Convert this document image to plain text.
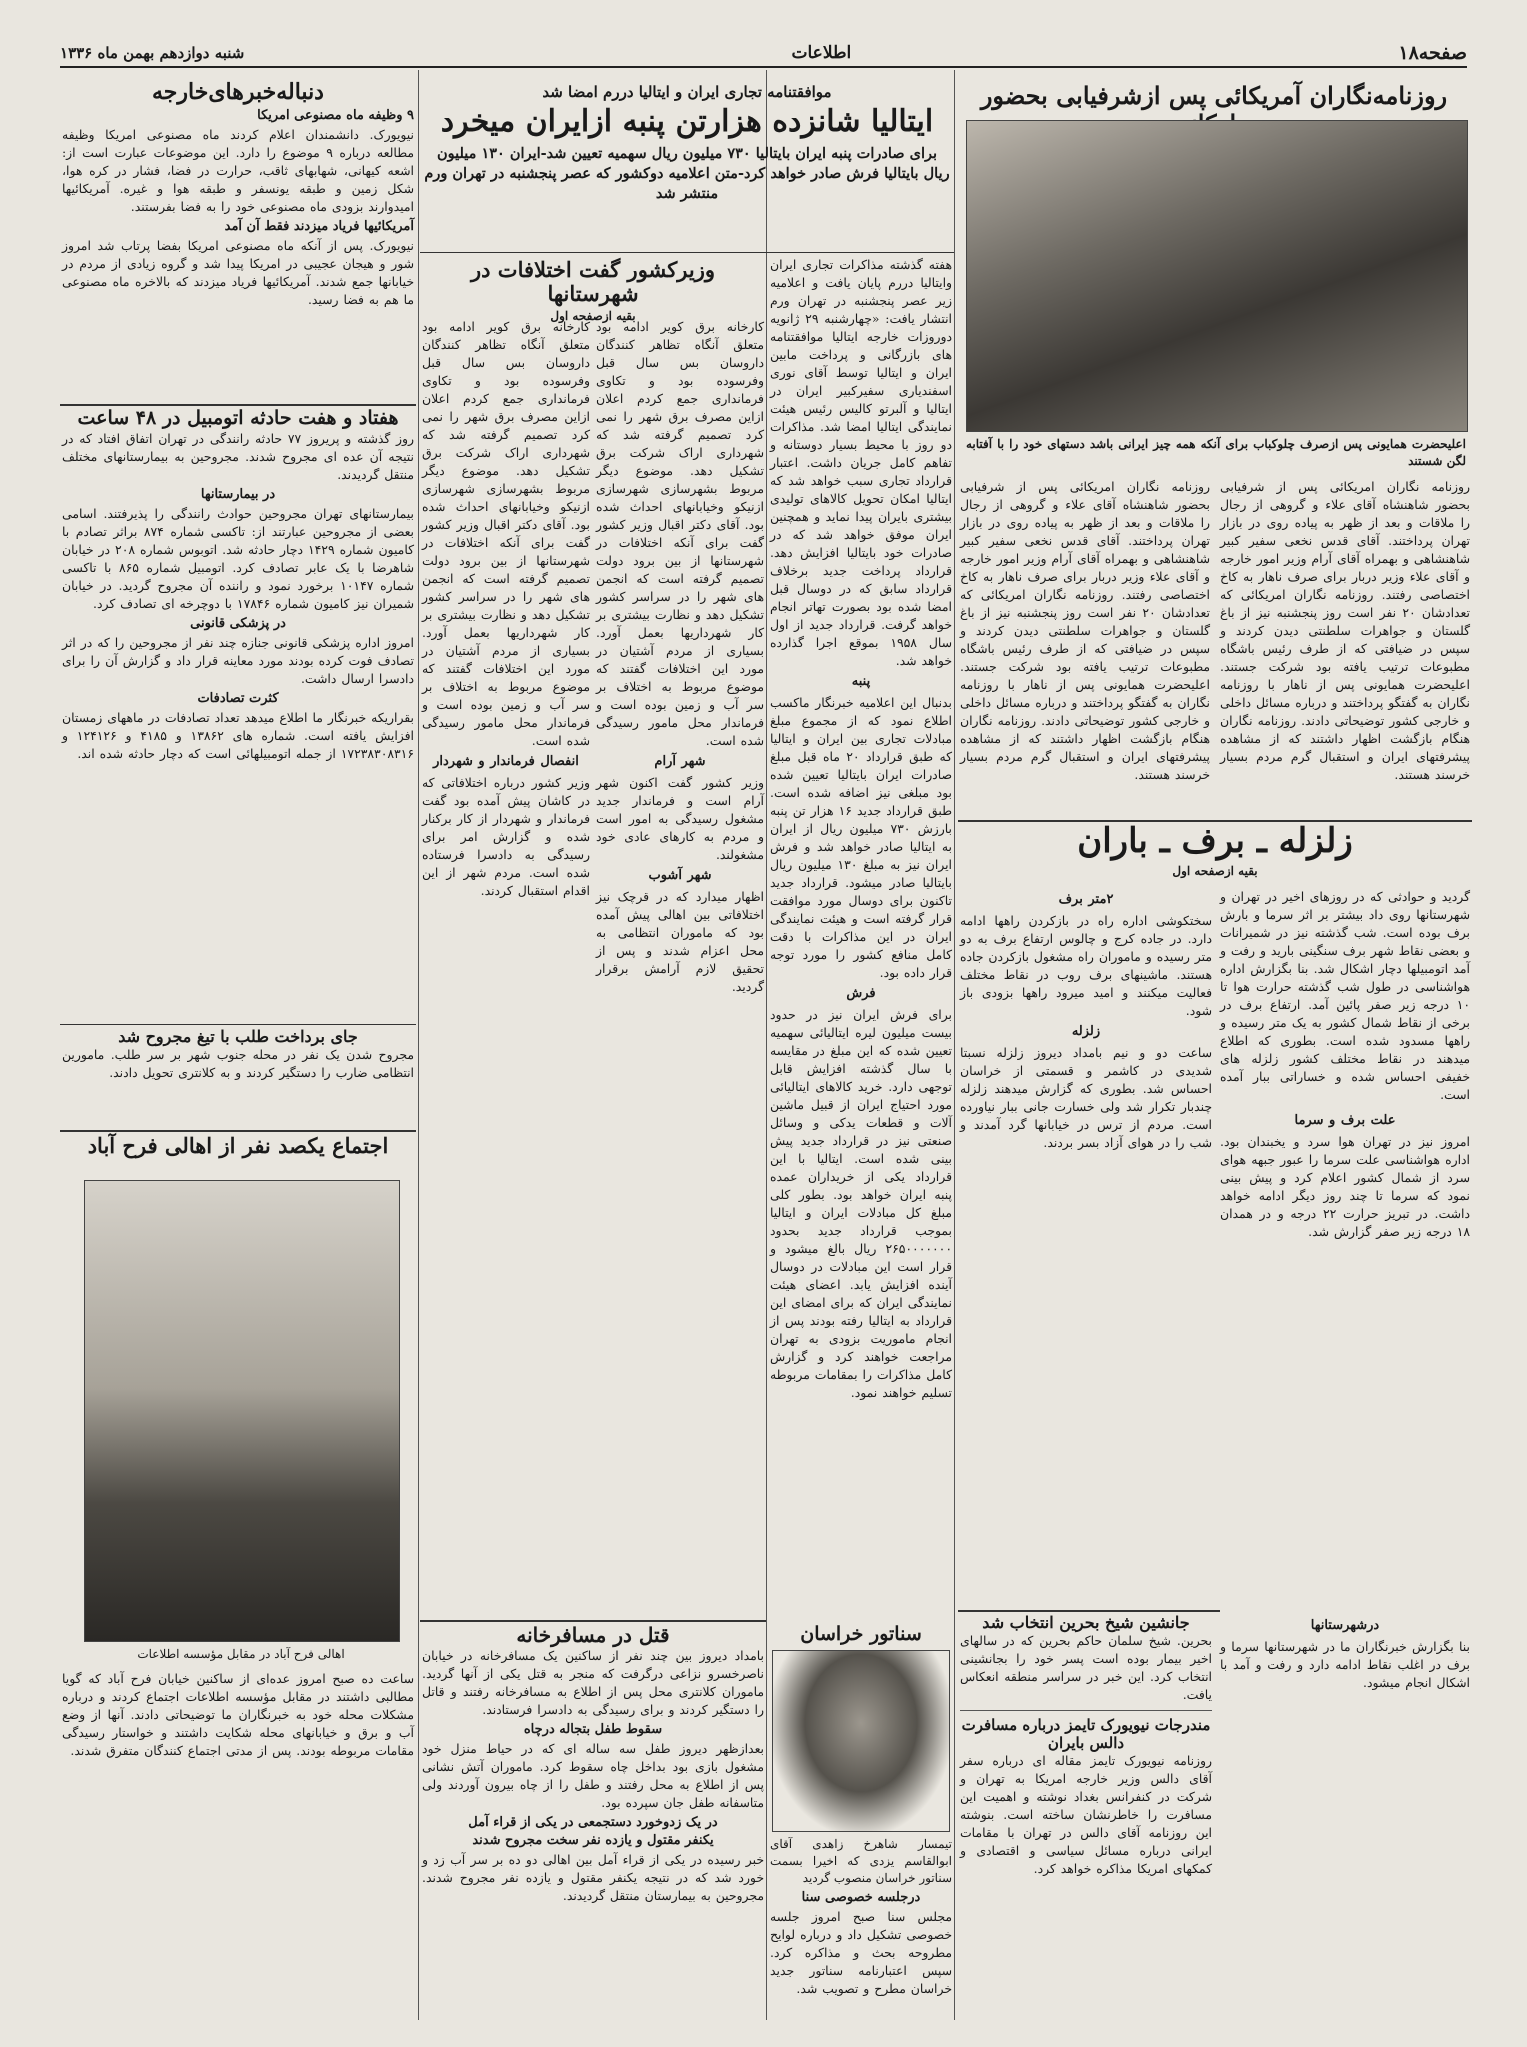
صفحه۱۸
اطلاعات
شنبه دوازدهم بهمن ماه ۱۳۳۶
روزنامه‌نگاران آمریکائی پس ازشرفیابی بحضور
اعلیحضرت همایونی پس ازصرف چلوکباب برای آنکه همه چیز ایرانی باشد دستهای خود را با آفتابه لگن شستند
روزنامه نگاران امریکائی پس از شرفیابی بحضور شاهنشاه آقای علاء و گروهی از رجال را ملاقات و بعد از ظهر به پیاده روی در بازار تهران پرداختند. آقای قدس نخعی سفیر کبیر شاهنشاهی و بهمراه آقای آرام وزیر امور خارجه و آقای علاء وزیر دربار برای صرف ناهار به کاخ اختصاصی رفتند. روزنامه نگاران امریکائی که تعدادشان ۲۰ نفر است روز پنجشنبه نیز از باغ گلستان و جواهرات سلطنتی دیدن کردند و سپس در ضیافتی که از طرف رئیس باشگاه مطبوعات ترتیب یافته بود شرکت جستند. اعلیحضرت همایونی پس از ناهار با روزنامه نگاران به گفتگو پرداختند و درباره مسائل داخلی و خارجی کشور توضیحاتی دادند. روزنامه نگاران هنگام بازگشت اظهار داشتند که از مشاهده پیشرفتهای ایران و استقبال گرم مردم بسیار خرسند هستند.
روزنامه نگاران امریکائی پس از شرفیابی بحضور شاهنشاه آقای علاء و گروهی از رجال را ملاقات و بعد از ظهر به پیاده روی در بازار تهران پرداختند. آقای قدس نخعی سفیر کبیر شاهنشاهی و بهمراه آقای آرام وزیر امور خارجه و آقای علاء وزیر دربار برای صرف ناهار به کاخ اختصاصی رفتند. روزنامه نگاران امریکائی که تعدادشان ۲۰ نفر است روز پنجشنبه نیز از باغ گلستان و جواهرات سلطنتی دیدن کردند و سپس در ضیافتی که از طرف رئیس باشگاه مطبوعات ترتیب یافته بود شرکت جستند. اعلیحضرت همایونی پس از ناهار با روزنامه نگاران به گفتگو پرداختند و درباره مسائل داخلی و خارجی کشور توضیحاتی دادند. روزنامه نگاران هنگام بازگشت اظهار داشتند که از مشاهده پیشرفتهای ایران و استقبال گرم مردم بسیار خرسند هستند.
زلزله ـ برف ـ باران
بقیه ازصفحه اول
گردید و حوادثی که در روزهای اخیر در تهران و شهرستانها روی داد بیشتر بر اثر سرما و بارش برف بوده است. شب گذشته نیز در شمیرانات و بعضی نقاط شهر برف سنگینی بارید و رفت و آمد اتومبیلها دچار اشکال شد. بنا بگزارش اداره هواشناسی در طول شب گذشته حرارت هوا تا ۱۰ درجه زیر صفر پائین آمد. ارتفاع برف در برخی از نقاط شمال کشور به یک متر رسیده و راهها مسدود شده است. بطوری که اطلاع میدهند در نقاط مختلف کشور زلزله های خفیفی احساس شده و خساراتی ببار آمده است.
علت برف و سرما
امروز نیز در تهران هوا سرد و یخبندان بود. اداره هواشناسی علت سرما را عبور جبهه هوای سرد از شمال کشور اعلام کرد و پیش بینی نمود که سرما تا چند روز دیگر ادامه خواهد داشت. در تبریز حرارت ۲۲ درجه و در همدان ۱۸ درجه زیر صفر گزارش شد.
۲متر برف
سختکوشی اداره راه در بازکردن راهها ادامه دارد. در جاده کرج و چالوس ارتفاع برف به دو متر رسیده و ماموران راه مشغول بازکردن جاده هستند. ماشینهای برف روب در نقاط مختلف فعالیت میکنند و امید میرود راهها بزودی باز شود.
زلزله
ساعت دو و نیم بامداد دیروز زلزله نسبتا شدیدی در کاشمر و قسمتی از خراسان احساس شد. بطوری که گزارش میدهند زلزله چندبار تکرار شد ولی خسارت جانی ببار نیاورده است. مردم از ترس در خیابانها گرد آمدند و شب را در هوای آزاد بسر بردند.
جانشین شیخ بحرین انتخاب شد
بحرین. شیخ سلمان حاکم بحرین که در سالهای اخیر بیمار بوده است پسر خود را بجانشینی انتخاب کرد. این خبر در سراسر منطقه انعکاس یافت.
مندرجات نیویورک تایمز درباره مسافرت دالس بایران
روزنامه نیویورک تایمز مقاله ای درباره سفر آقای دالس وزیر خارجه امریکا به تهران و شرکت در کنفرانس بغداد نوشته و اهمیت این مسافرت را خاطرنشان ساخته است. بنوشته این روزنامه آقای دالس در تهران با مقامات ایرانی درباره مسائل سیاسی و اقتصادی و کمکهای امریکا مذاکره خواهد کرد.
درشهرستانها
بنا بگزارش خبرنگاران ما در شهرستانها سرما و برف در اغلب نقاط ادامه دارد و رفت و آمد با اشکال انجام میشود.
موافقتنامه تجاری ایران و ایتالیا دررم امضا شد
ایتالیا شانزده هزارتن پنبه ازایران میخرد
برای صادرات پنبه ایران بایتالیا ۷۳۰ میلیون ریال سهمیه تعیین شد-ایران ۱۳۰ میلیون ریال بایتالیا فرش صادر خواهد کرد-متن اعلامیه دوکشور که عصر پنجشنبه در تهران ورم منتشر شد
هفته گذشته مذاکرات تجاری ایران وایتالیا دررم پایان یافت و اعلامیه زیر عصر پنجشنبه در تهران ورم انتشار یافت: «چهارشنبه ۲۹ ژانویه دوروزات خارجه ایتالیا موافقتنامه های بازرگانی و پرداخت مابین ایران و ایتالیا توسط آقای نوری اسفندیاری سفیرکبیر ایران در ایتالیا و آلبرتو کالیس رئیس هیئت نمایندگی ایتالیا امضا شد. مذاکرات دو روز با محیط بسیار دوستانه و تفاهم کامل جریان داشت. اعتبار قرارداد تجاری سبب خواهد شد که ایتالیا امکان تحویل کالاهای تولیدی بیشتری بایران پیدا نماید و همچنین ایران موفق خواهد شد که در صادرات خود بایتالیا افزایش دهد. قرارداد پرداخت جدید برخلاف قرارداد سابق که در دوسال قبل امضا شده بود بصورت تهاتر انجام خواهد گرفت. قرارداد جدید از اول سال ۱۹۵۸ بموقع اجرا گذارده خواهد شد.
پنبه
بدنبال این اعلامیه خبرنگار ماکسب اطلاع نمود که از مجموع مبلغ مبادلات تجاری بین ایران و ایتالیا که طبق قرارداد ۲۰ ماه قبل مبلغ صادرات ایران بایتالیا تعیین شده بود مبلغی نیز اضافه شده است. طبق قرارداد جدید ۱۶ هزار تن پنبه بارزش ۷۳۰ میلیون ریال از ایران به ایتالیا صادر خواهد شد و فرش ایران نیز به مبلغ ۱۳۰ میلیون ریال بایتالیا صادر میشود. قرارداد جدید تاکنون برای دوسال مورد موافقت قرار گرفته است و هیئت نمایندگی ایران در این مذاکرات با دقت کامل منافع کشور را مورد توجه قرار داده بود.
فرش
برای فرش ایران نیز در حدود بیست میلیون لیره ایتالیائی سهمیه تعیین شده که این مبلغ در مقایسه با سال گذشته افزایش قابل توجهی دارد. خرید کالاهای ایتالیائی مورد احتیاج ایران از قبیل ماشین آلات و قطعات یدکی و وسائل صنعتی نیز در قرارداد جدید پیش بینی شده است. ایتالیا با این قرارداد یکی از خریداران عمده پنبه ایران خواهد بود. بطور کلی مبلغ کل مبادلات ایران و ایتالیا بموجب قرارداد جدید بحدود ۲۶۵۰۰۰۰۰۰۰ ریال بالغ میشود و قرار است این مبادلات در دوسال آینده افزایش یابد. اعضای هیئت نمایندگی ایران که برای امضای این قرارداد به ایتالیا رفته بودند پس از انجام ماموریت بزودی به تهران مراجعت خواهند کرد و گزارش کامل مذاکرات را بمقامات مربوطه تسلیم خواهند نمود.
وزیرکشور گفت اختلافات در شهرستانها
بقیه ازصفحه اول
کارخانه برق کویر ادامه بود متعلق آنگاه تظاهر کنندگان داروسان بس سال قبل وفرسوده بود و تکاوی فرمانداری جمع کردم اعلان ازاین مصرف برق شهر را نمی کرد تصمیم گرفته شد که شهرداری اراک شرکت برق تشکیل دهد. موضوع دیگر مربوط بشهرسازی شهرسازی ازنیکو وخیابانهای احداث شده بود. آقای دکتر اقبال وزیر کشور گفت برای آنکه اختلافات در شهرستانها از بین برود دولت تصمیم گرفته است که انجمن های شهر را در سراسر کشور تشکیل دهد و نظارت بیشتری بر کار شهرداریها بعمل آورد. بسیاری از مردم آشتیان در مورد این اختلافات گفتند که موضوع مربوط به اختلاف بر سر آب و زمین بوده است و فرماندار محل مامور رسیدگی شده است.
شهر آرام
وزیر کشور گفت اکنون شهر آرام است و فرماندار جدید مشغول رسیدگی به امور است و مردم به کارهای عادی خود مشغولند.
شهر آشوب
اظهار میدارد که در قرچک نیز اختلافاتی بین اهالی پیش آمده بود که ماموران انتظامی به محل اعزام شدند و پس از تحقیق لازم آرامش برقرار گردید.
کارخانه برق کویر ادامه بود متعلق آنگاه تظاهر کنندگان داروسان بس سال قبل وفرسوده بود و تکاوی فرمانداری جمع کردم اعلان ازاین مصرف برق شهر را نمی کرد تصمیم گرفته شد که شهرداری اراک شرکت برق تشکیل دهد. موضوع دیگر مربوط بشهرسازی شهرسازی ازنیکو وخیابانهای احداث شده بود. آقای دکتر اقبال وزیر کشور گفت برای آنکه اختلافات در شهرستانها از بین برود دولت تصمیم گرفته است که انجمن های شهر را در سراسر کشور تشکیل دهد و نظارت بیشتری بر کار شهرداریها بعمل آورد. بسیاری از مردم آشتیان در مورد این اختلافات گفتند که موضوع مربوط به اختلاف بر سر آب و زمین بوده است و فرماندار محل مامور رسیدگی شده است.
انفصال فرماندار و شهردار
وزیر کشور درباره اختلافاتی که در کاشان پیش آمده بود گفت فرماندار و شهردار از کار برکنار شده و گزارش امر برای رسیدگی به دادسرا فرستاده شده است. مردم شهر از این اقدام استقبال کردند.
سناتور خراسان
تیمسار شاهرخ زاهدی آقای ابوالقاسم یزدی که اخیرا بسمت سناتور خراسان منصوب گردید
درجلسه خصوصی سنا
مجلس سنا صبح امروز جلسه خصوصی تشکیل داد و درباره لوایح مطروحه بحث و مذاکره کرد. سپس اعتبارنامه سناتور جدید خراسان مطرح و تصویب شد.
قتل در مسافرخانه
بامداد دیروز بین چند نفر از ساکنین یک مسافرخانه در خیابان ناصرخسرو نزاعی درگرفت که منجر به قتل یکی از آنها گردید. ماموران کلانتری محل پس از اطلاع به مسافرخانه رفتند و قاتل را دستگیر کردند و برای رسیدگی به دادسرا فرستادند.
سقوط طفل بتجاله درچاه
بعدازظهر دیروز طفل سه ساله ای که در حیاط منزل خود مشغول بازی بود بداخل چاه سقوط کرد. ماموران آتش نشانی پس از اطلاع به محل رفتند و طفل را از چاه بیرون آوردند ولی متاسفانه طفل جان سپرده بود.
در یک زدوخورد دستجمعی در یکی از قراء آمل
یکنفر مقتول و یازده نفر سخت مجروح شدند
خبر رسیده در یکی از قراء آمل بین اهالی دو ده بر سر آب زد و خورد شد که در نتیجه یکنفر مقتول و یازده نفر مجروح شدند. مجروحین به بیمارستان منتقل گردیدند.
دنباله‌خبرهای‌خارجه
۹ وظیفه ماه مصنوعی امریکا
نیویورک. دانشمندان اعلام کردند ماه مصنوعی امریکا وظیفه مطالعه درباره ۹ موضوع را دارد. این موضوعات عبارت است از: اشعه کیهانی، شهابهای ثاقب، حرارت در فضا، فشار در کره هوا، شکل زمین و طبقه یونسفر و طبقه هوا و غیره. آمریکائیها امیدوارند بزودی ماه مصنوعی خود را به فضا بفرستند.
آمریکائیها فریاد میزدند فقط آن آمد
نیویورک. پس از آنکه ماه مصنوعی امریکا بفضا پرتاب شد امروز شور و هیجان عجیبی در امریکا پیدا شد و گروه زیادی از مردم در خیابانها جمع شدند. آمریکائیها فریاد میزدند که بالاخره ماه مصنوعی ما هم به فضا رسید.
هفتاد و هفت حادثه اتومبیل در ۴۸ ساعت
روز گذشته و پریروز ۷۷ حادثه رانندگی در تهران اتفاق افتاد که در نتیجه آن عده ای مجروح شدند. مجروحین به بیمارستانهای مختلف منتقل گردیدند.
در بیمارستانها
بیمارستانهای تهران مجروحین حوادث رانندگی را پذیرفتند. اسامی بعضی از مجروحین عبارتند از: تاکسی شماره ۸۷۴ براثر تصادم با کامیون شماره ۱۴۲۹ دچار حادثه شد. اتوبوس شماره ۲۰۸ در خیابان شاهرضا با یک عابر تصادف کرد. اتومبیل شماره ۸۶۵ با تاکسی شماره ۱۰۱۴۷ برخورد نمود و راننده آن مجروح گردید. در خیابان شمیران نیز کامیون شماره ۱۷۸۴۶ با دوچرخه ای تصادف کرد.
در پزشکی قانونی
امروز اداره پزشکی قانونی جنازه چند نفر از مجروحین را که در اثر تصادف فوت کرده بودند مورد معاینه قرار داد و گزارش آن را برای دادسرا ارسال داشت.
کثرت تصادفات
بقراریکه خبرنگار ما اطلاع میدهد تعداد تصادفات در ماههای زمستان افزایش یافته است. شماره های ۱۳۸۶۲ و ۴۱۸۵ و ۱۲۴۱۲۶ و ۱۷۲۳۸۳۰۸۳۱۶ از جمله اتومبیلهائی است که دچار حادثه شده اند.
جای برداخت طلب با تیغ مجروح شد
مجروح شدن یک نفر در محله جنوب شهر بر سر طلب. مامورین انتظامی ضارب را دستگیر کردند و به کلانتری تحویل دادند.
اجتماع یکصد نفر از اهالی فرح آباد
اهالی فرح آباد در مقابل مؤسسه اطلاعات
ساعت ده صبح امروز عده‌ای از ساکنین خیابان فرح آباد که گویا مطالبی داشتند در مقابل مؤسسه اطلاعات اجتماع کردند و درباره مشکلات محله خود به خبرنگاران ما توضیحاتی دادند. آنها از وضع آب و برق و خیابانهای محله شکایت داشتند و خواستار رسیدگی مقامات مربوطه بودند. پس از مدتی اجتماع کنندگان متفرق شدند.
